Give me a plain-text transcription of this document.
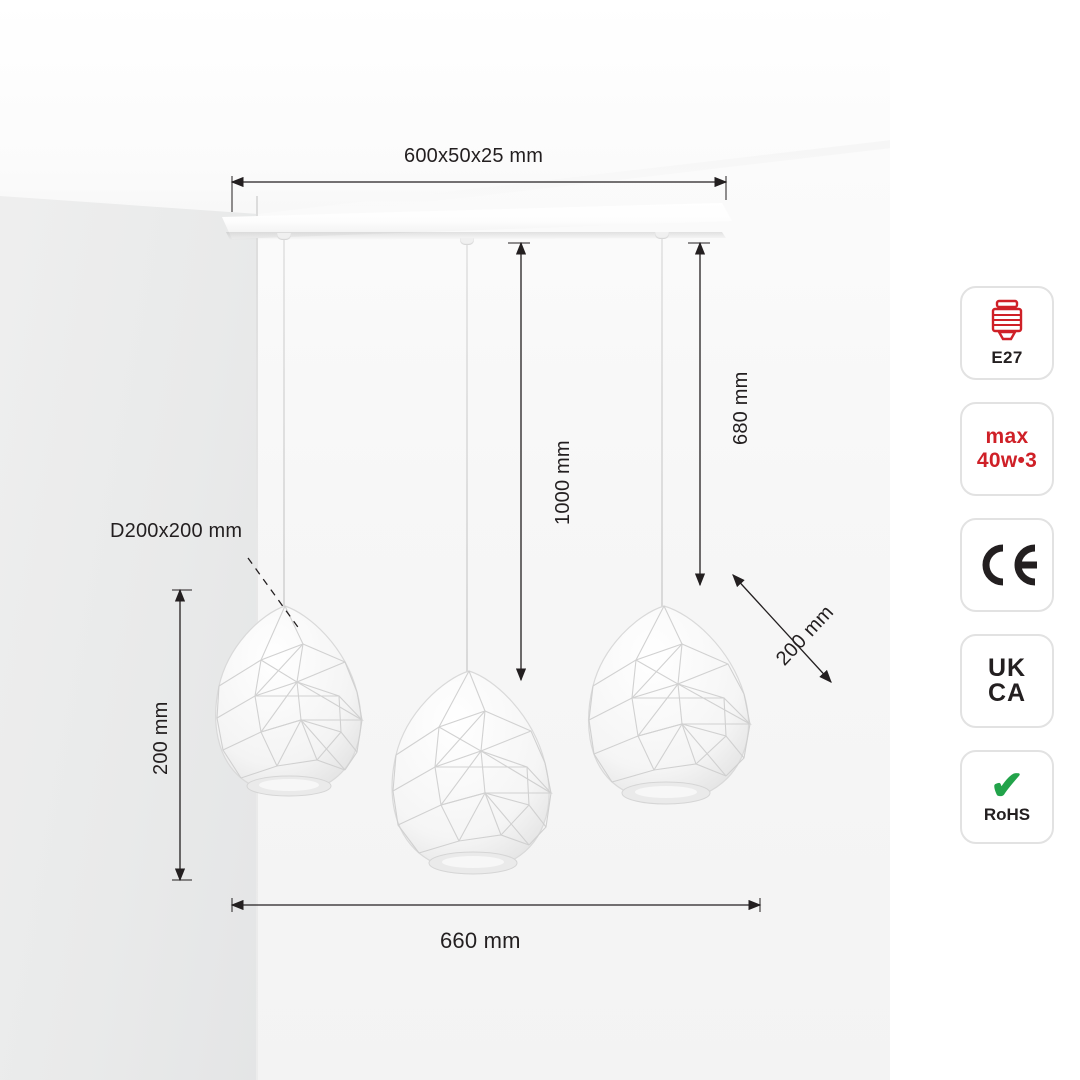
600x50x25 mm
1000 mm
680 mm
200 mm
D200x200 mm
200 mm
660 mm
E27
max
40w•3
UK
CA
✔
RoHS
